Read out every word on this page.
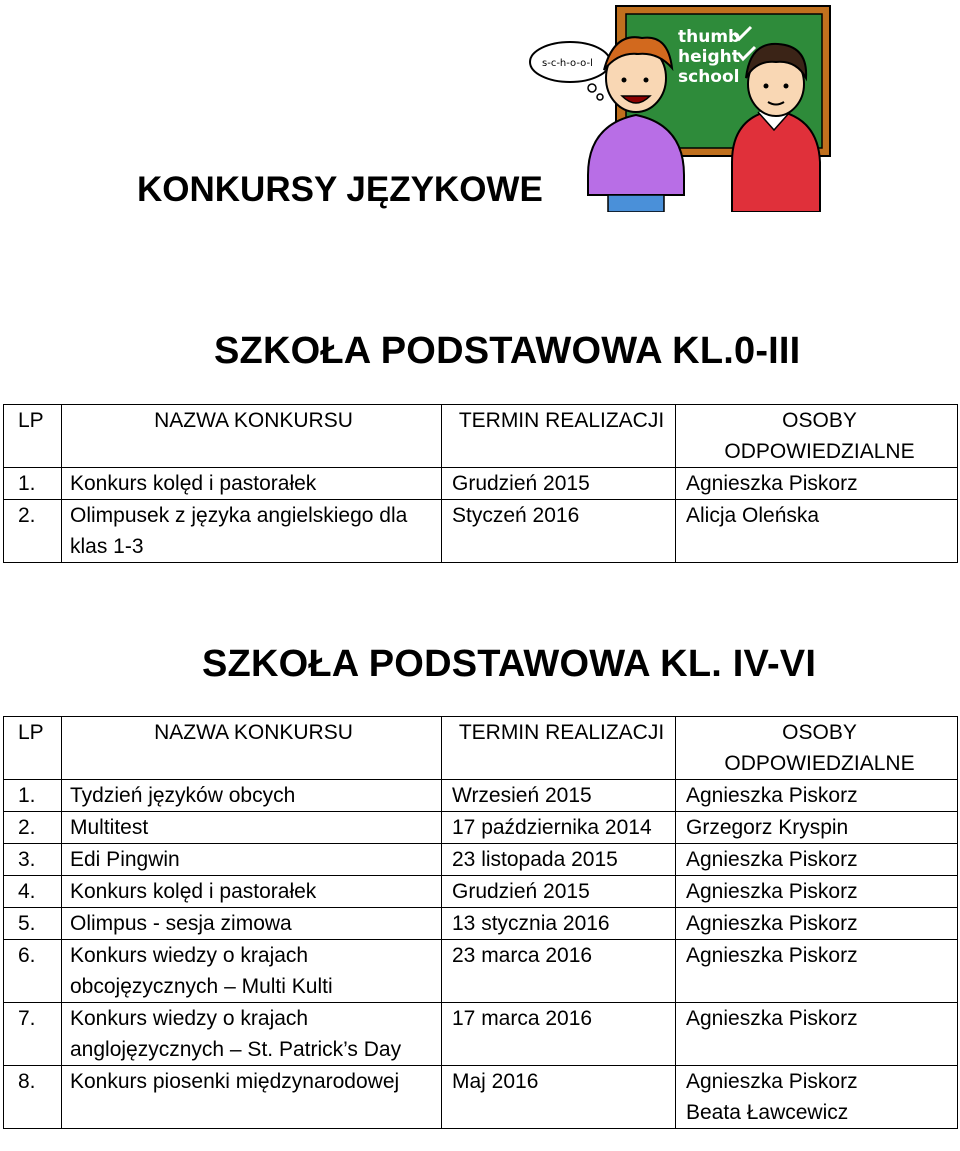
KONKURSY JĘZYKOWE
thumb
height
school
s-c-h-o-o-l
SZKOŁA PODSTAWOWA KL.0-III
LP	NAZWA KONKURSU	TERMIN REALIZACJI	OSOBY ODPOWIEDZIALNE
1.	Konkurs kolęd i pastorałek	Grudzień 2015	Agnieszka Piskorz
2.	Olimpusek z języka angielskiego dla klas 1-3	Styczeń 2016	Alicja Oleńska
SZKOŁA PODSTAWOWA KL. IV-VI
LP	NAZWA KONKURSU	TERMIN REALIZACJI	OSOBY ODPOWIEDZIALNE
1.	Tydzień języków obcych	Wrzesień 2015	Agnieszka Piskorz
2.	Multitest	17 października 2014	Grzegorz Kryspin
3.	Edi Pingwin	23 listopada 2015	Agnieszka Piskorz
4.	Konkurs kolęd i pastorałek	Grudzień 2015	Agnieszka Piskorz
5.	Olimpus - sesja zimowa	13 stycznia 2016	Agnieszka Piskorz
6.	Konkurs wiedzy o krajach obcojęzycznych – Multi Kulti	23 marca 2016	Agnieszka Piskorz
7.	Konkurs wiedzy o krajach anglojęzycznych – St. Patrick’s Day	17 marca 2016	Agnieszka Piskorz
8.	Konkurs piosenki międzynarodowej	Maj 2016	Agnieszka Piskorz
Beata Ławcewicz
